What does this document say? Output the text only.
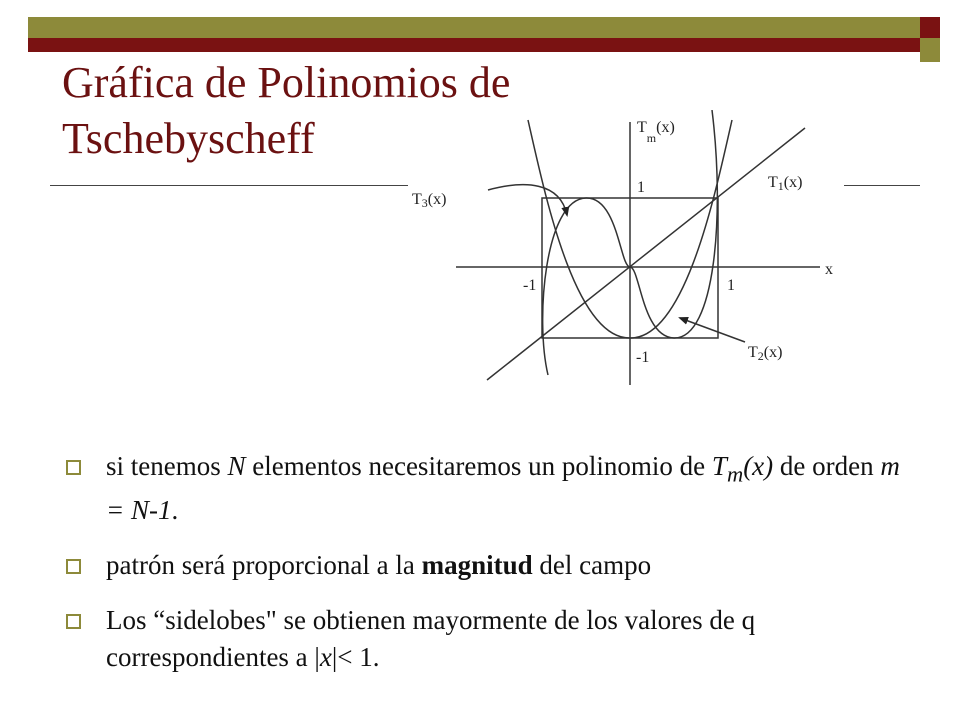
Gráfica de Polinomios de Tschebyscheff	$T_m(x)$
T1(x)
T3(x)
T2(x)
x
1
-1
1
-1
si tenemos N elementos necesitaremos un polinomio de $T_m(x)$ de orden m = N-1.
patrón será proporcional a la magnitud del campo
Los “sidelobes" se obtienen mayormente de los valores de q correspondientes a |x|< 1.
